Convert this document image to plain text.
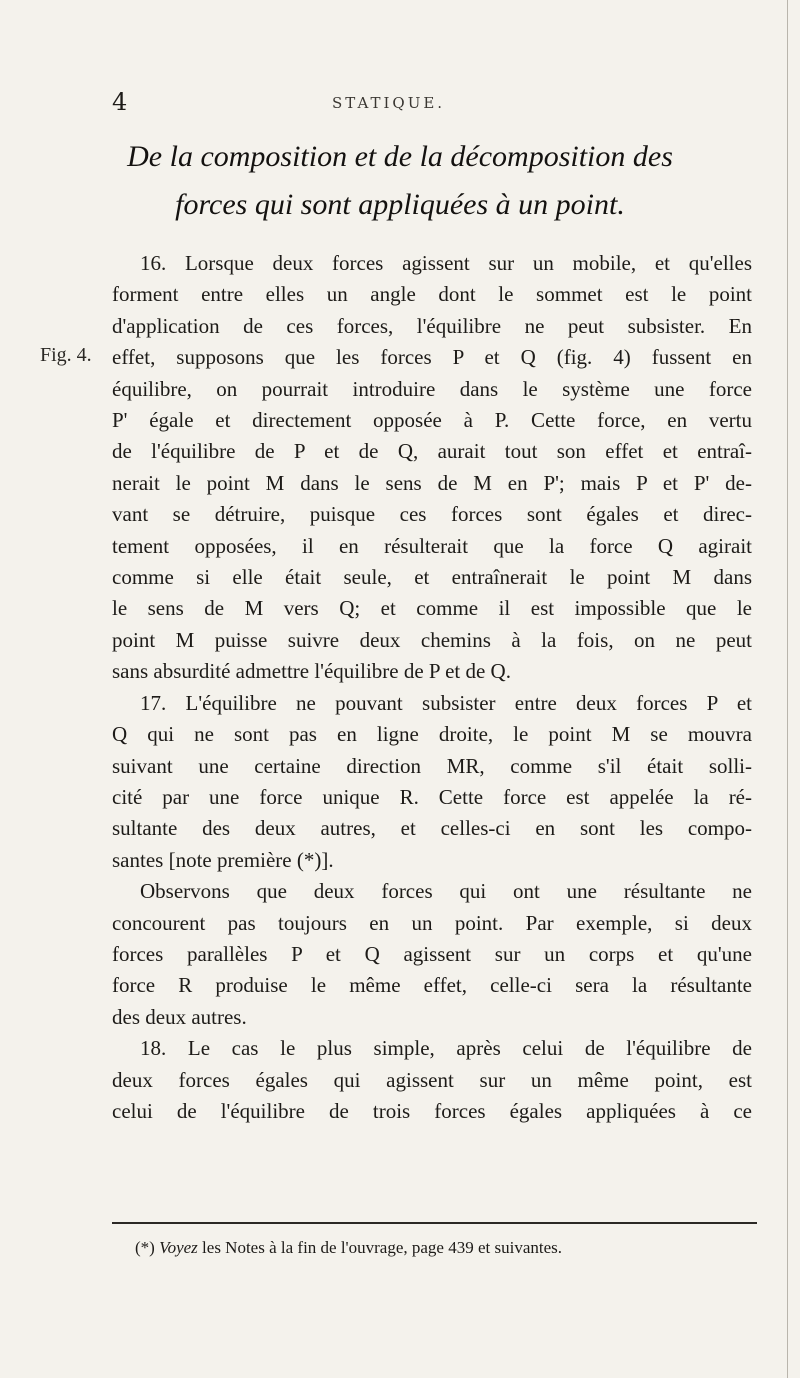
4	STATIQUE.
De la composition et de la décomposition des
forces qui sont appliquées à un point.
Fig. 4.
16. Lorsque deux forces agissent sur un mobile, et qu'elles
forment entre elles un angle dont le sommet est le point
d'application de ces forces, l'équilibre ne peut subsister. En
effet, supposons que les forces P et Q (fig. 4) fussent en
équilibre, on pourrait introduire dans le système une force
P' égale et directement opposée à P. Cette force, en vertu
de l'équilibre de P et de Q, aurait tout son effet et entraî-
nerait le point M dans le sens de M en P'; mais P et P' de-
vant se détruire, puisque ces forces sont égales et direc-
tement opposées, il en résulterait que la force Q agirait
comme si elle était seule, et entraînerait le point M dans
le sens de M vers Q; et comme il est impossible que le
point M puisse suivre deux chemins à la fois, on ne peut
sans absurdité admettre l'équilibre de P et de Q.
17. L'équilibre ne pouvant subsister entre deux forces P et
Q qui ne sont pas en ligne droite, le point M se mouvra
suivant une certaine direction MR, comme s'il était solli-
cité par une force unique R. Cette force est appelée la ré-
sultante des deux autres, et celles-ci en sont les compo-
santes [note première (*)].
Observons que deux forces qui ont une résultante ne
concourent pas toujours en un point. Par exemple, si deux
forces parallèles P et Q agissent sur un corps et qu'une
force R produise le même effet, celle-ci sera la résultante
des deux autres.
18. Le cas le plus simple, après celui de l'équilibre de
deux forces égales qui agissent sur un même point, est
celui de l'équilibre de trois forces égales appliquées à ce
(*) Voyez les Notes à la fin de l'ouvrage, page 439 et suivantes.
